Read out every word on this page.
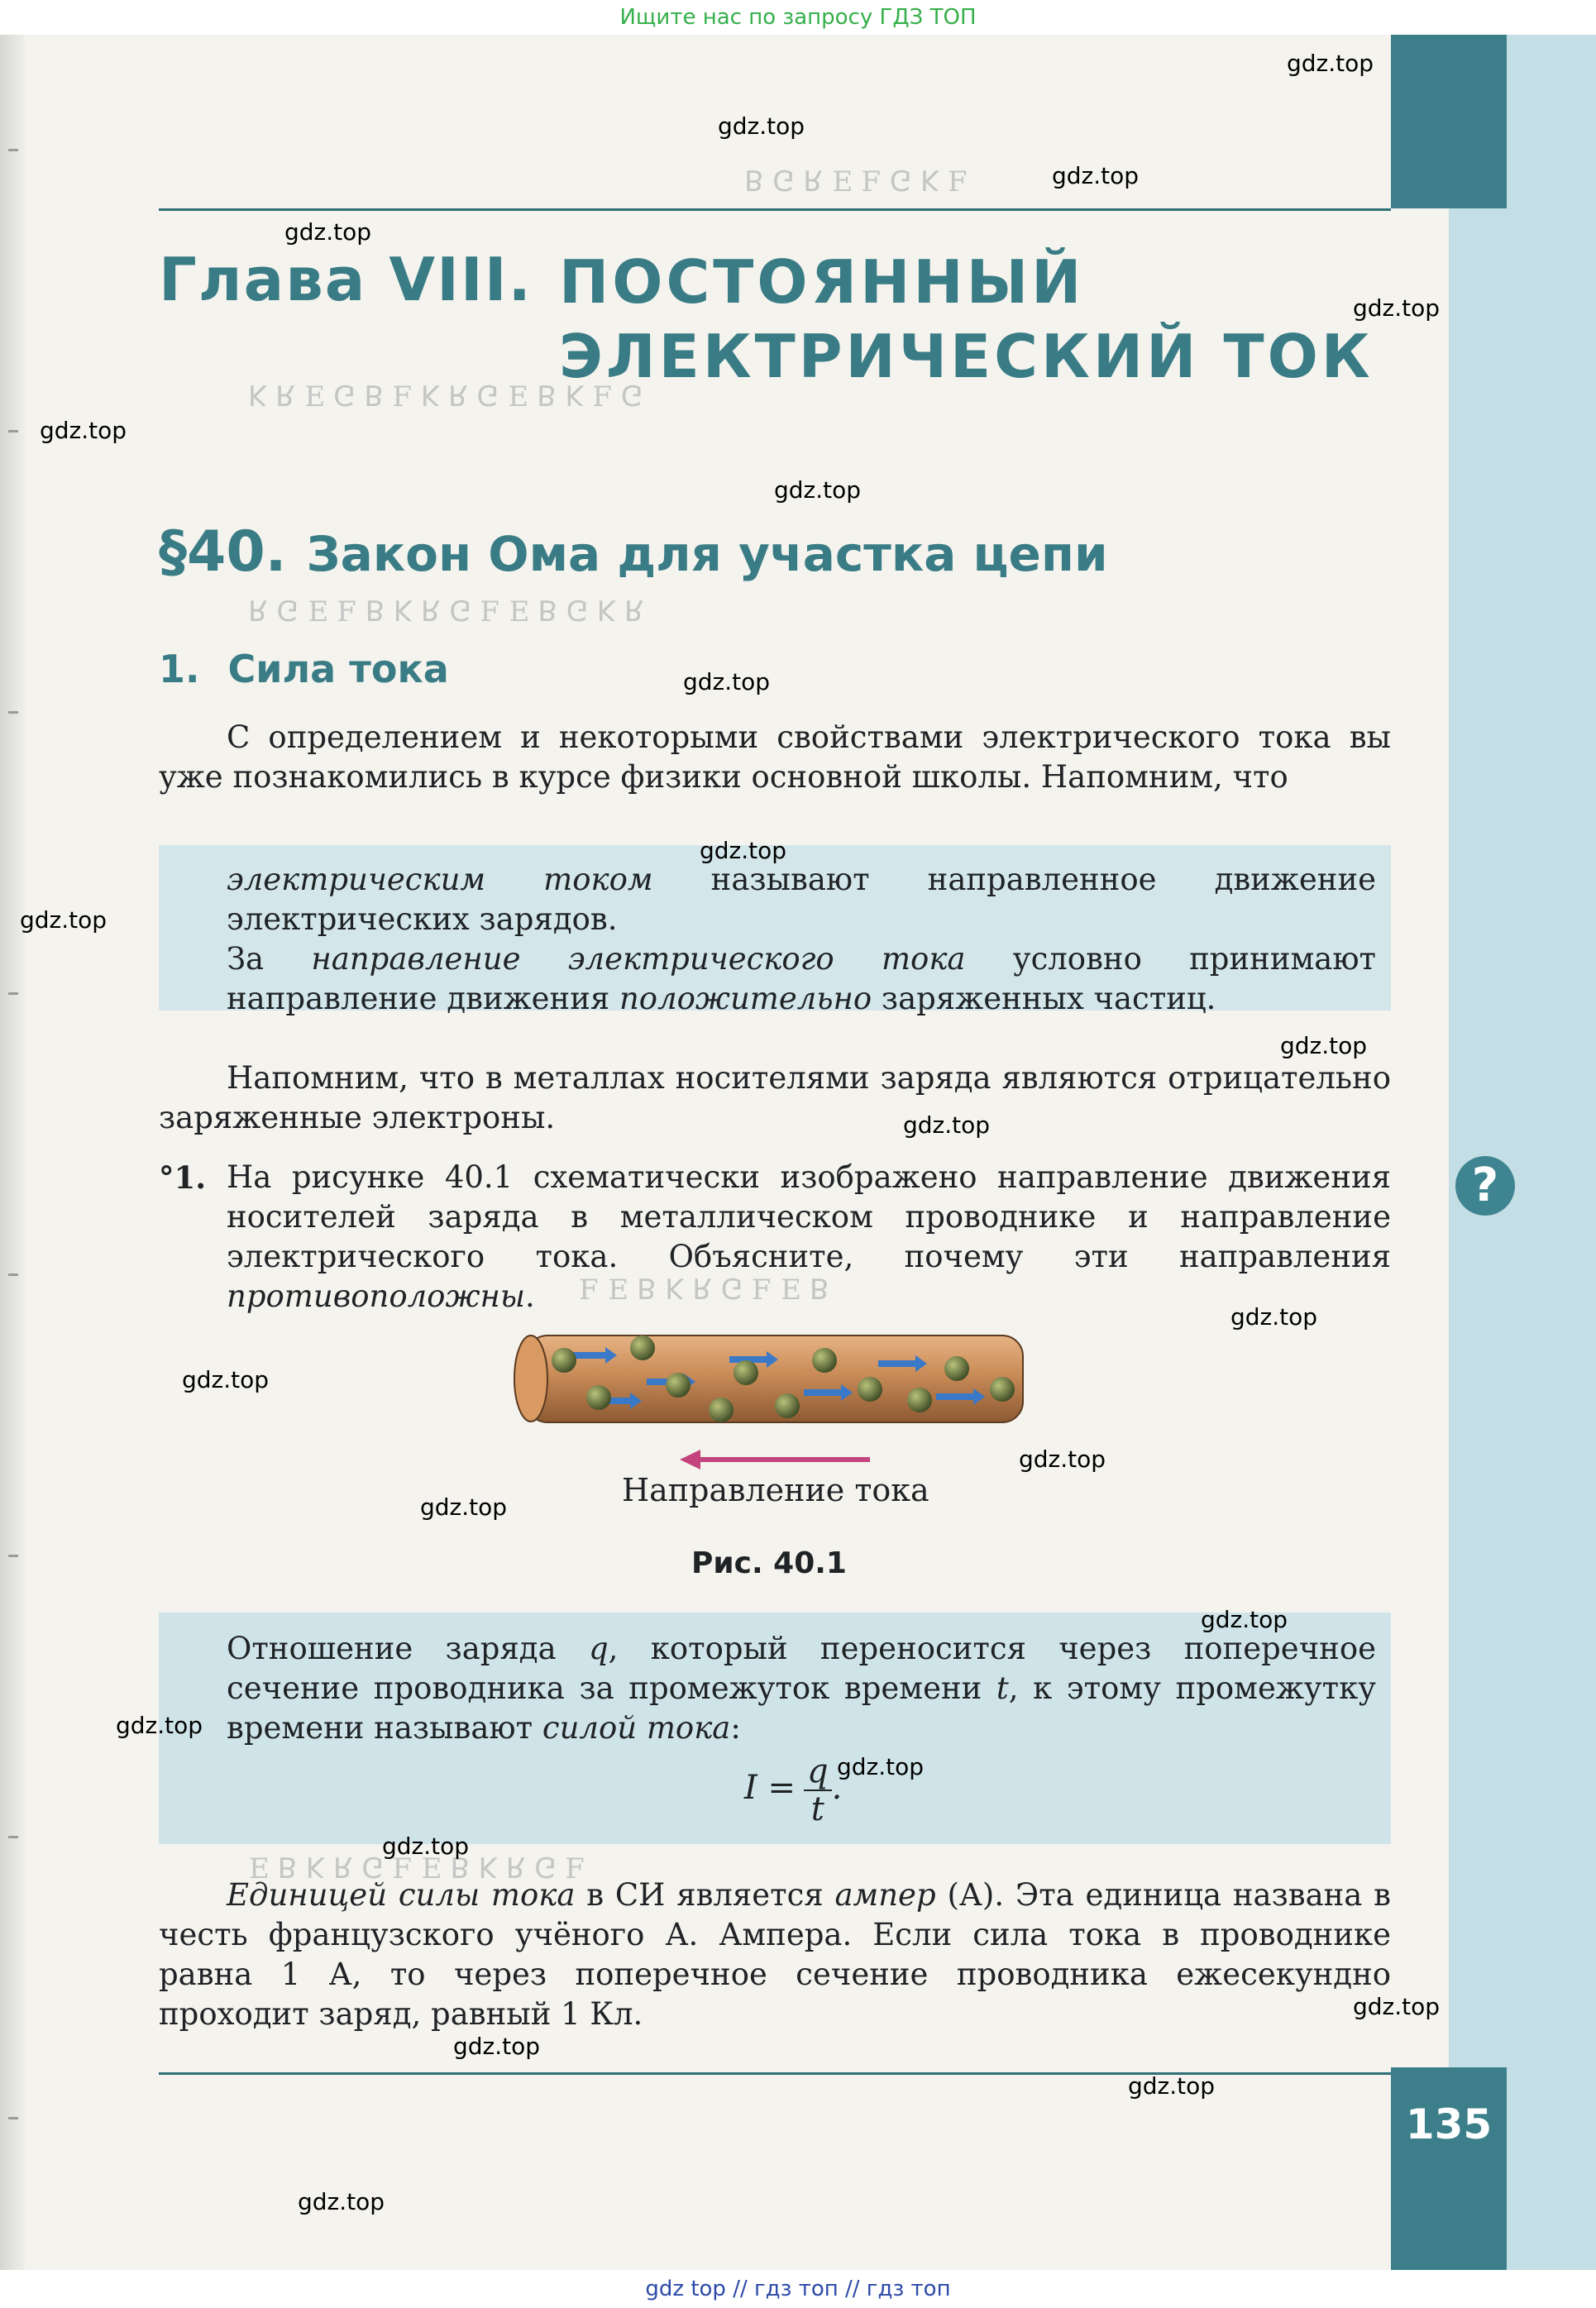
Ищите нас по запросу ГДЗ ТОП
135
ꟻ ꓘ ꓨ ꟻ Ǝ ꓤ ꓨ ꓭ
ꓨ ꟻ ꓘ ꓭ Ǝ ꓨ ꓤ ꓘ ꟻ ꓭ ꓨ Ǝ ꓤ ꓘ
ꓤ ꓘ ꓨ ꓭ Ǝ ꟻ ꓨ ꓤ ꓘ ꓭ ꟻ Ǝ ꓨ ꓤ
ꓭ Ǝ ꟻ ꓨ ꓤ ꓘ ꓭ Ǝ ꟻ
ꟻ ꓨ ꓤ ꓘ ꓭ Ǝ ꟻ ꓨ ꓤ ꓘ ꓭ Ǝ
Глава VIII. ПОСТОЯННЫЙ
ЭЛЕКТРИЧЕСКИЙ ТОК
§40. Закон Ома для участка цепи
1. Сила тока
С определением и некоторыми свойствами электрического тока вы уже познакомились в курсе физики основной школы. Напомним, что
электрическим током называют направленное движение электрических зарядов.
За направление электрического тока условно принимают направление движения положительно заряженных частиц.
Напомним, что в металлах носителями заряда являются отрицательно заряженные электроны.
°1. На рисунке 40.1 схематически изображено направление движения носителей заряда в металлическом проводнике и направление электрического тока. Объясните, почему эти направления противоположны.
?
Направление тока
Рис. 40.1
Отношение заряда q, который переносится через поперечное сечение проводника за промежуток времени t, к этому промежутку времени называют силой тока:
$I = \frac{q}{t}$ .
Единицей силы тока в СИ является ампер (А). Эта единица названа в честь французского учёного А. Ампера. Если сила тока в проводнике равна 1 А, то через поперечное сечение проводника ежесекундно проходит заряд, равный 1 Кл.
gdz.top
gdz.top
gdz.top
gdz.top
gdz.top
gdz.top
gdz.top
gdz.top
gdz.top
gdz.top
gdz.top
gdz.top
gdz.top
gdz.top
gdz.top
gdz.top
gdz.top
gdz.top
gdz.top
gdz.top
gdz.top
gdz.top
gdz.top
gdz.top
gdz top // гдз топ // гдз топ
